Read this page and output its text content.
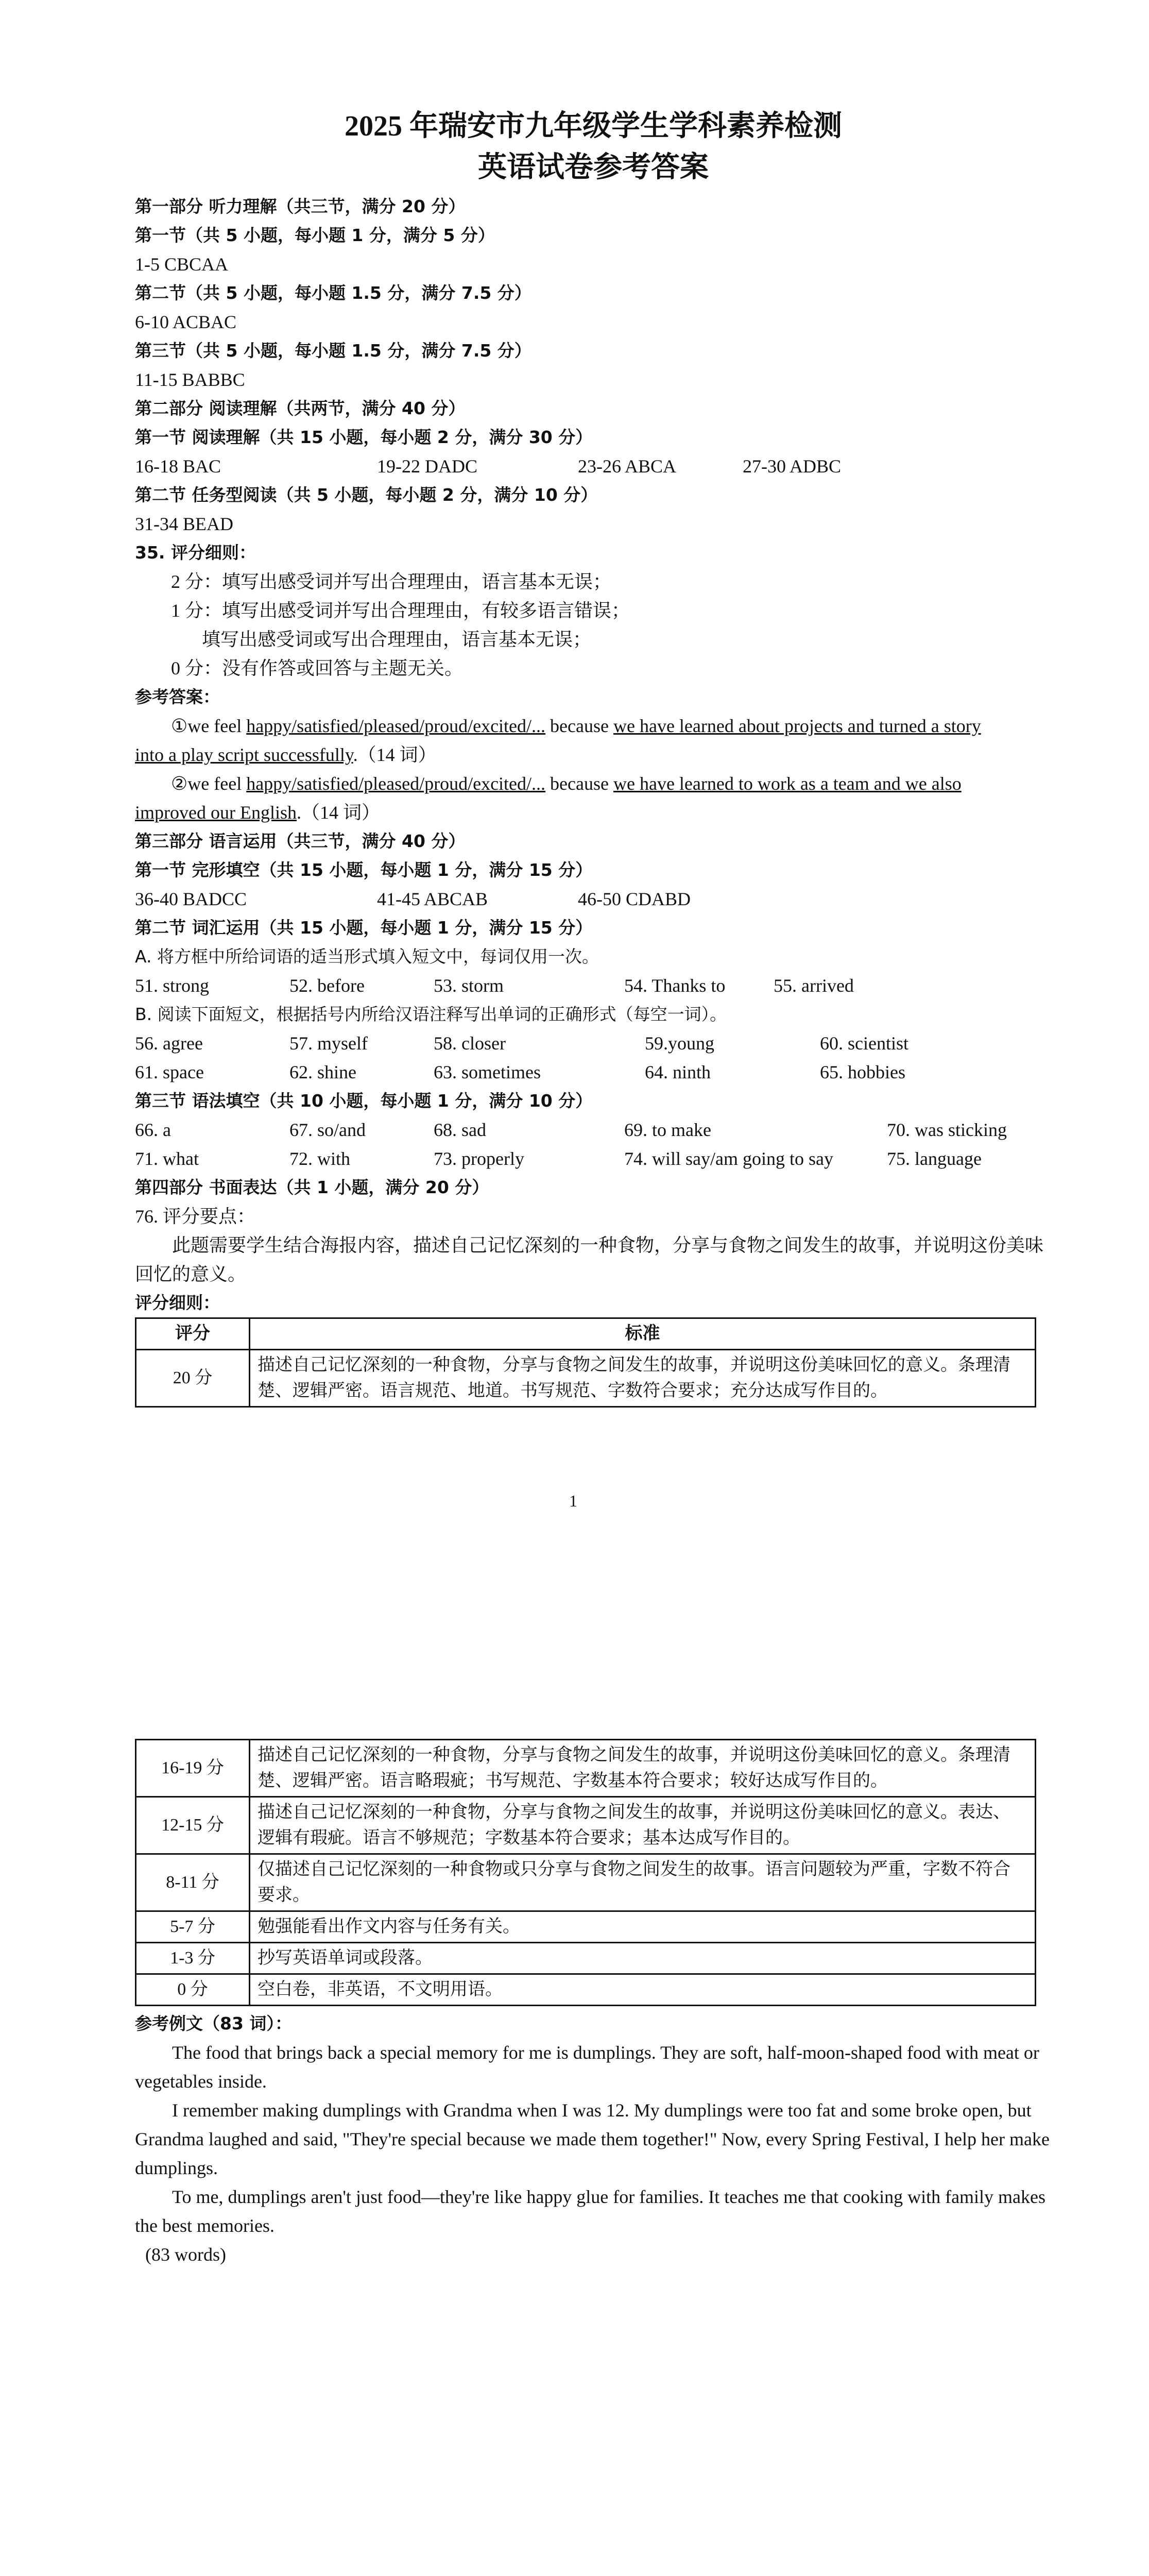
2025 年瑞安市九年级学生学科素养检测
英语试卷参考答案
第一部分 听力理解（共三节，满分 20 分）
第一节（共 5 小题，每小题 1 分，满分 5 分）
1-5 CBCAA
第二节（共 5 小题，每小题 1.5 分，满分 7.5 分）
6-10 ACBAC
第三节（共 5 小题，每小题 1.5 分，满分 7.5 分）
11-15 BABBC
第二部分 阅读理解（共两节，满分 40 分）
第一节 阅读理解（共 15 小题，每小题 2 分，满分 30 分）
16-18 BAC	19-22 DADC	23-26 ABCA	27-30 ADBC
第二节 任务型阅读（共 5 小题，每小题 2 分，满分 10 分）
31-34 BEAD
35. 评分细则：
2 分：填写出感受词并写出合理理由，语言基本无误；
1 分：填写出感受词并写出合理理由，有较多语言错误；
填写出感受词或写出合理理由，语言基本无误；
0 分：没有作答或回答与主题无关。
参考答案：
①we feel happy/satisfied/pleased/proud/excited/... because we have learned about projects and turned a story
into a play script successfully.（14 词）
②we feel happy/satisfied/pleased/proud/excited/... because we have learned to work as a team and we also
improved our English.（14 词）
第三部分 语言运用（共三节，满分 40 分）
第一节 完形填空（共 15 小题，每小题 1 分，满分 15 分）
36-40 BADCC	41-45 ABCAB	46-50 CDABD
第二节 词汇运用（共 15 小题，每小题 1 分，满分 15 分）
A. 将方框中所给词语的适当形式填入短文中，每词仅用一次。
51. strong	52. before	53. storm	54. Thanks to	55. arrived
B. 阅读下面短文，根据括号内所给汉语注释写出单词的正确形式（每空一词）。
56. agree	57. myself	58. closer	59.young	60. scientist
61. space	62. shine	63. sometimes	64. ninth	65. hobbies
第三节 语法填空（共 10 小题，每小题 1 分，满分 10 分）
66. a	67. so/and	68. sad	69. to make	70. was sticking
71. what	72. with	73. properly	74. will say/am going to say	75. language
第四部分 书面表达（共 1 小题，满分 20 分）
76. 评分要点：

此题需要学生结合海报内容，描述自己记忆深刻的一种食物，分享与食物之间发生的故事，并说明这份美味回忆的意义。

评分细则：
评分	标准
20 分	描述自己记忆深刻的一种食物，分享与食物之间发生的故事，并说明这份美味回忆的意义。条理清楚、逻辑严密。语言规范、地道。书写规范、字数符合要求；充分达成写作目的。
1
16-19 分	描述自己记忆深刻的一种食物，分享与食物之间发生的故事，并说明这份美味回忆的意义。条理清楚、逻辑严密。语言略瑕疵；书写规范、字数基本符合要求；较好达成写作目的。
12-15 分	描述自己记忆深刻的一种食物，分享与食物之间发生的故事，并说明这份美味回忆的意义。表达、逻辑有瑕疵。语言不够规范；字数基本符合要求；基本达成写作目的。
8-11 分	仅描述自己记忆深刻的一种食物或只分享与食物之间发生的故事。语言问题较为严重，字数不符合要求。
5-7 分	勉强能看出作文内容与任务有关。
1-3 分	抄写英语单词或段落。
0 分	空白卷，非英语，不文明用语。
参考例文（83 词）：

The food that brings back a special memory for me is dumplings. They are soft, half-moon-shaped food with meat or vegetables inside.

I remember making dumplings with Grandma when I was 12. My dumplings were too fat and some broke open, but Grandma laughed and said, "They're special because we made them together!" Now, every Spring Festival, I help her make dumplings.

To me, dumplings aren't just food—they're like happy glue for families. It teaches me that cooking with family makes the best memories.

(83 words)
